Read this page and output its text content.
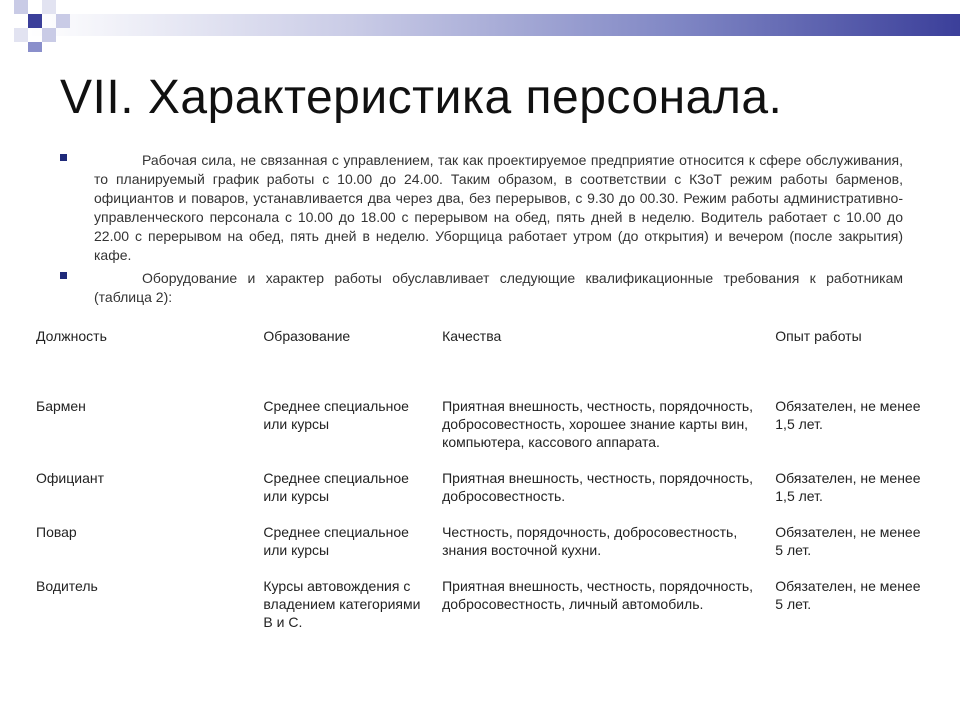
VII. Характеристика персонала.
Рабочая сила, не связанная с управлением, так как проектируемое предприятие относится к сфере обслуживания, то планируемый график работы с 10.00 до 24.00. Таким образом, в соответствии с КЗоТ режим работы барменов, официантов и поваров, устанавливается два через два, без перерывов, с 9.30 до 00.30. Режим работы административно-управленческого персонала с 10.00 до 18.00 с перерывом на обед, пять дней в неделю. Водитель работает с 10.00 до 22.00 с перерывом на обед, пять дней в неделю. Уборщица работает утром (до открытия) и вечером (после закрытия) кафе.
Оборудование и характер работы обуславливает следующие квалификационные требования к работникам (таблица 2):
Должность	Образование	Качества	Опыт работы
Бармен	Среднее специальное или курсы	Приятная внешность, честность, порядочность, добросовестность, хорошее знание карты вин, компьютера, кассового аппарата.	Обязателен, не менее 1,5 лет.
Официант	Среднее специальное или курсы	Приятная внешность, честность, порядочность, добросовестность.	Обязателен, не менее 1,5 лет.
Повар	Среднее специальное или курсы	Честность, порядочность, добросовестность, знания восточной кухни.	Обязателен, не менее 5 лет.
Водитель	Курсы автовождения с владением категориями В и С.	Приятная внешность, честность, порядочность, добросовестность, личный автомобиль.	Обязателен, не менее 5 лет.
